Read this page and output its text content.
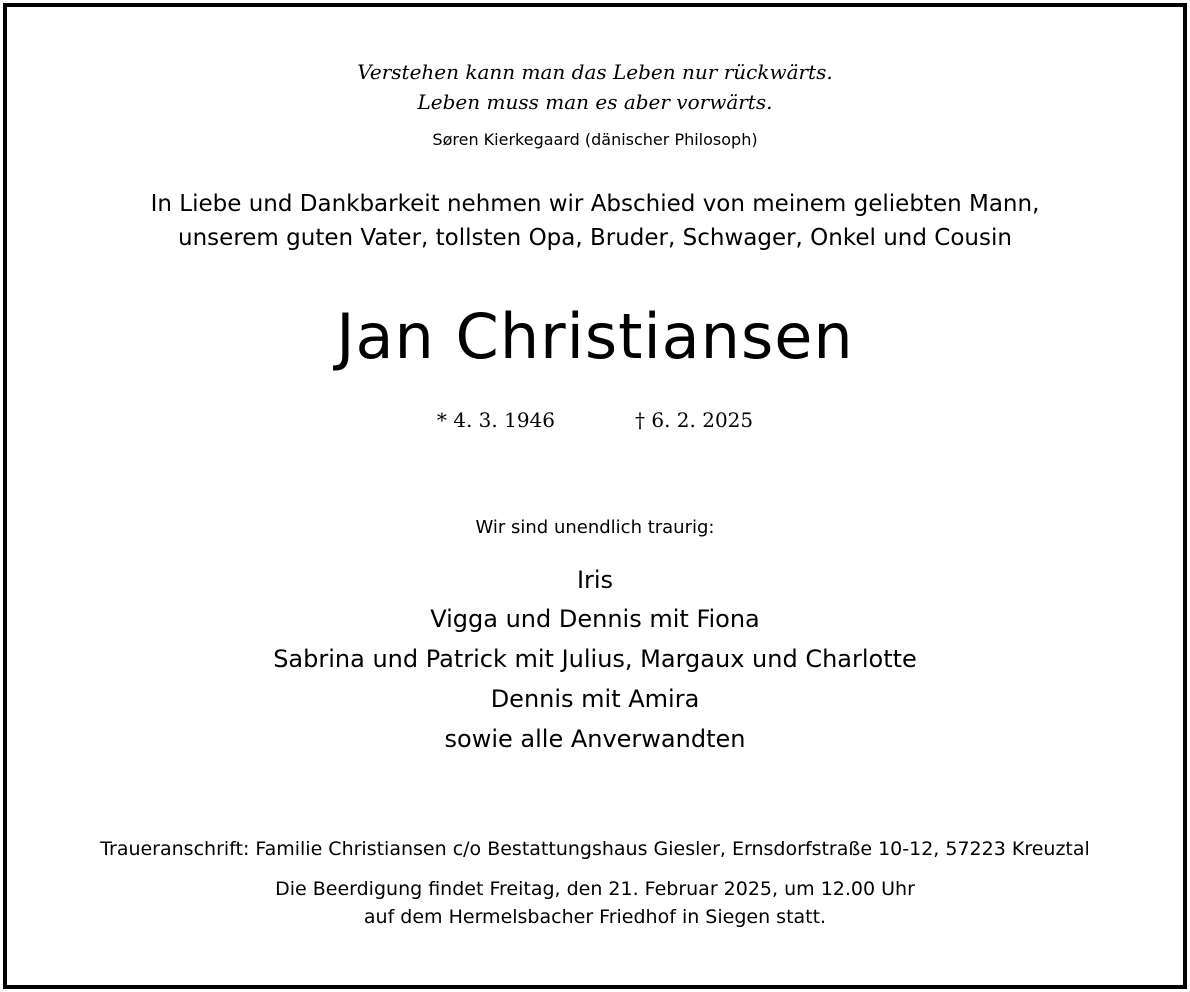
Verstehen kann man das Leben nur rückwärts.
Leben muss man es aber vorwärts.
Søren Kierkegaard (dänischer Philosoph)
In Liebe und Dankbarkeit nehmen wir Abschied von meinem geliebten Mann,
unserem guten Vater, tollsten Opa, Bruder, Schwager, Onkel und Cousin
Jan Christiansen
* 4. 3. 1946	† 6. 2. 2025
Wir sind unendlich traurig:
Iris
Vigga und Dennis mit Fiona
Sabrina und Patrick mit Julius, Margaux und Charlotte
Dennis mit Amira
sowie alle Anverwandten
Traueranschrift: Familie Christiansen c/o Bestattungshaus Giesler, Ernsdorfstraße 10-12, 57223 Kreuztal
Die Beerdigung findet Freitag, den 21. Februar 2025, um 12.00 Uhr
auf dem Hermelsbacher Friedhof in Siegen statt.
